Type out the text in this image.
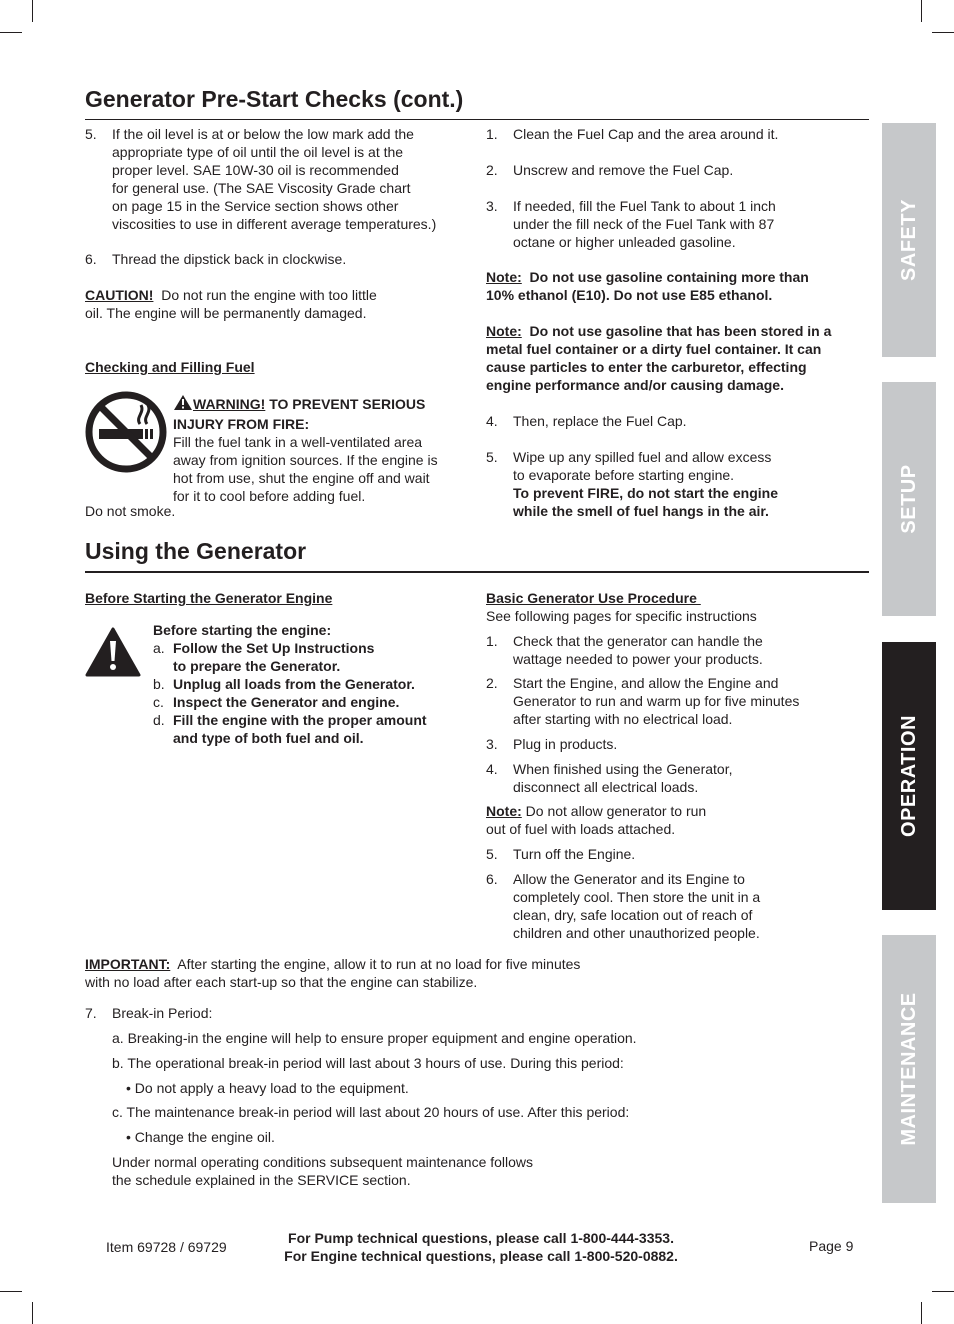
Generator Pre-Start Checks (cont.)
5. If the oil level is at or below the low mark add the
appropriate type of oil until the oil level is at the
proper level. SAE 10W-30 oil is recommended
for general use. (The SAE Viscosity Grade chart
on page 15 in the Service section shows other
viscosities to use in different average temperatures.)
6. Thread the dipstick back in clockwise.
CAUTION!  Do not run the engine with too little
oil. The engine will be permanently damaged.
Checking and Filling Fuel
WARNING! TO PREVENT SERIOUS
INJURY FROM FIRE:
Fill the fuel tank in a well-ventilated area
away from ignition sources. If the engine is
hot from use, shut the engine off and wait
for it to cool before adding fuel.
Do not smoke.
1. Clean the Fuel Cap and the area around it.
2. Unscrew and remove the Fuel Cap.
3. If needed, fill the Fuel Tank to about 1 inch
under the fill neck of the Fuel Tank with 87
octane or higher unleaded gasoline.
Note:  Do not use gasoline containing more than
10% ethanol (E10). Do not use E85 ethanol.
Note:  Do not use gasoline that has been stored in a
metal fuel container or a dirty fuel container. It can
cause particles to enter the carburetor, effecting
engine performance and/or causing damage.
4. Then, replace the Fuel Cap.
5. Wipe up any spilled fuel and allow excess
to evaporate before starting engine.
To prevent FIRE, do not start the engine
while the smell of fuel hangs in the air.
Using the Generator
Before Starting the Generator Engine
Before starting the engine:
a. Follow the Set Up Instructions
to prepare the Generator.
b. Unplug all loads from the Generator.
c. Inspect the Generator and engine.
d. Fill the engine with the proper amount
and type of both fuel and oil.
Basic Generator Use Procedure
See following pages for specific instructions
1. Check that the generator can handle the
wattage needed to power your products.
2. Start the Engine, and allow the Engine and
Generator to run and warm up for five minutes
after starting with no electrical load.
3. Plug in products.
4. When finished using the Generator,
disconnect all electrical loads.
Note: Do not allow generator to run
out of fuel with loads attached.
5. Turn off the Engine.
6. Allow the Generator and its Engine to
completely cool. Then store the unit in a
clean, dry, safe location out of reach of
children and other unauthorized people.
IMPORTANT:  After starting the engine, allow it to run at no load for five minutes
with no load after each start-up so that the engine can stabilize.
7. Break-in Period:
a. Breaking-in the engine will help to ensure proper equipment and engine operation.
b. The operational break-in period will last about 3 hours of use. During this period:
• Do not apply a heavy load to the equipment.
c. The maintenance break-in period will last about 20 hours of use. After this period:
• Change the engine oil.
Under normal operating conditions subsequent maintenance follows
the schedule explained in the SERVICE section.
SAFETY
SETUP
OPERATION
MAINTENANCE
Item 69728 / 69729
For Pump technical questions, please call 1-800-444-3353.
For Engine technical questions, please call 1-800-520-0882.
Page 9
